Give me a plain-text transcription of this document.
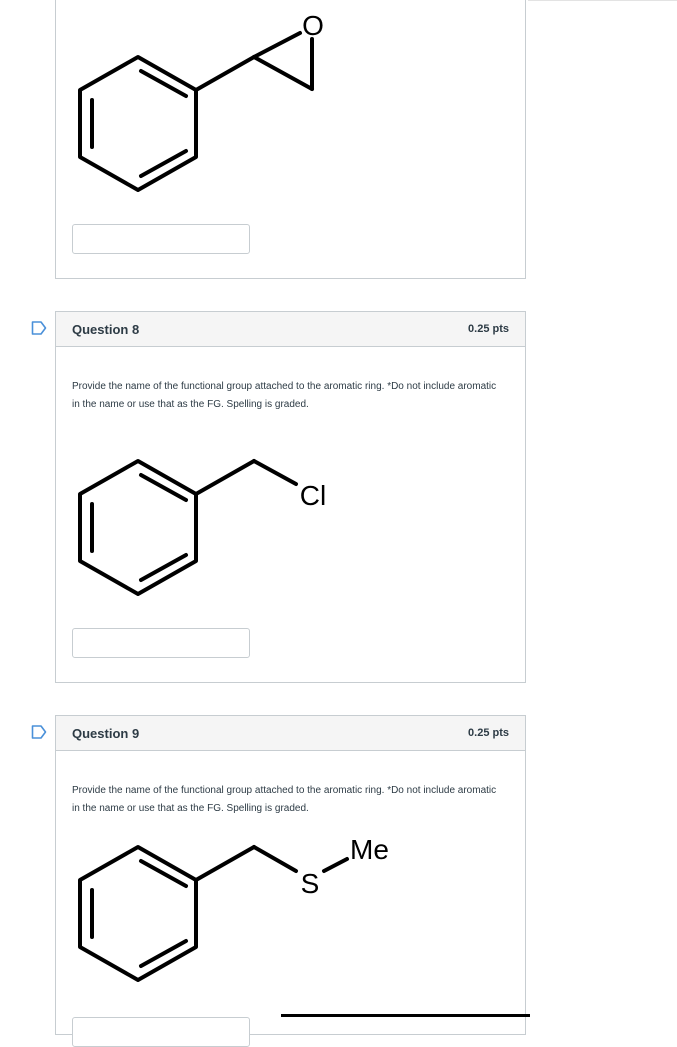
O
Question 8	0.25 pts
Provide the name of the functional group attached to the aromatic ring. *Do not include aromatic in the name or use that as the FG. Spelling is graded.
Cl
Question 9	0.25 pts
Provide the name of the functional group attached to the aromatic ring. *Do not include aromatic in the name or use that as the FG. Spelling is graded.
S
Me
